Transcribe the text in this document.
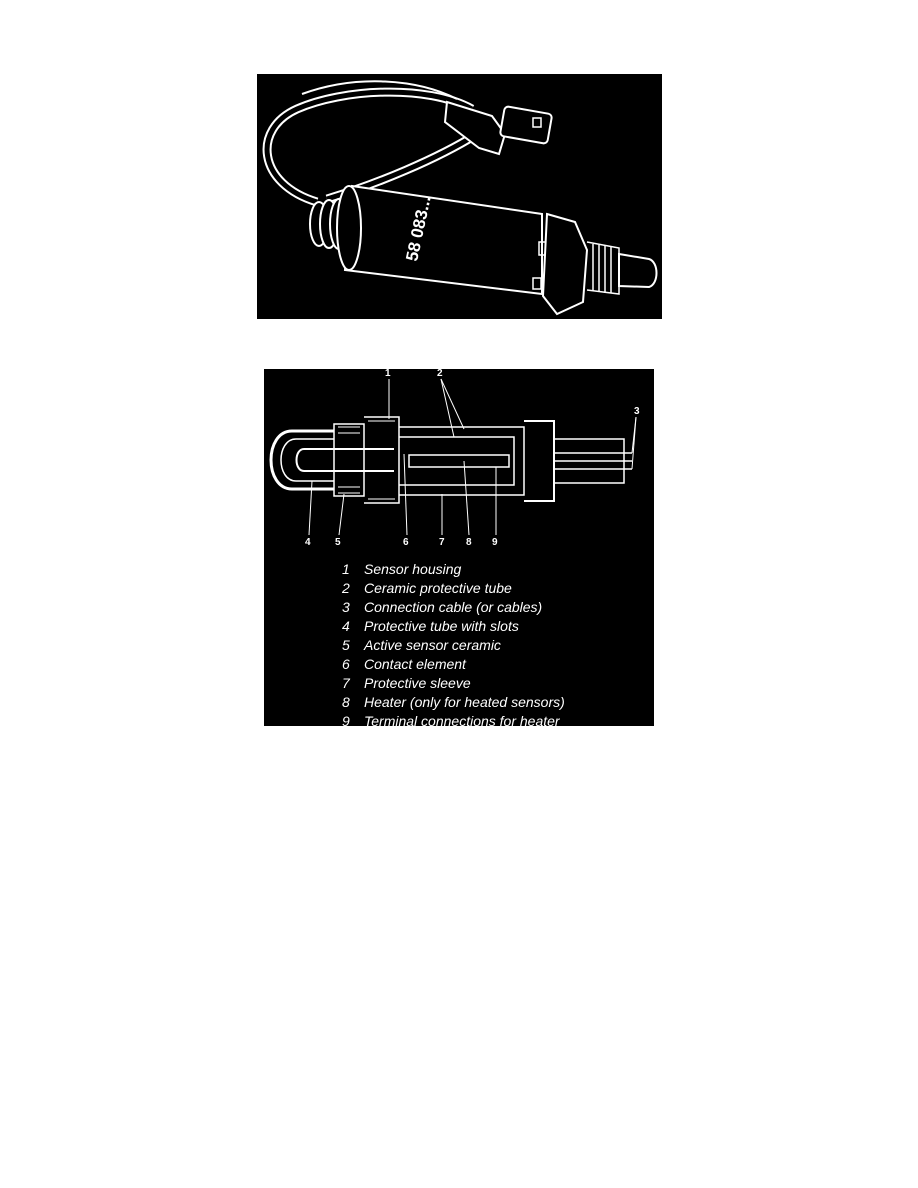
58 083...
1	2
3
4 5	6	7 8 9
1 Sensor housing
2 Ceramic protective tube
3 Connection cable (or cables)
4 Protective tube with slots
5 Active sensor ceramic
6 Contact element
7 Protective sleeve
8 Heater (only for heated sensors)
9 Terminal connections for heater
